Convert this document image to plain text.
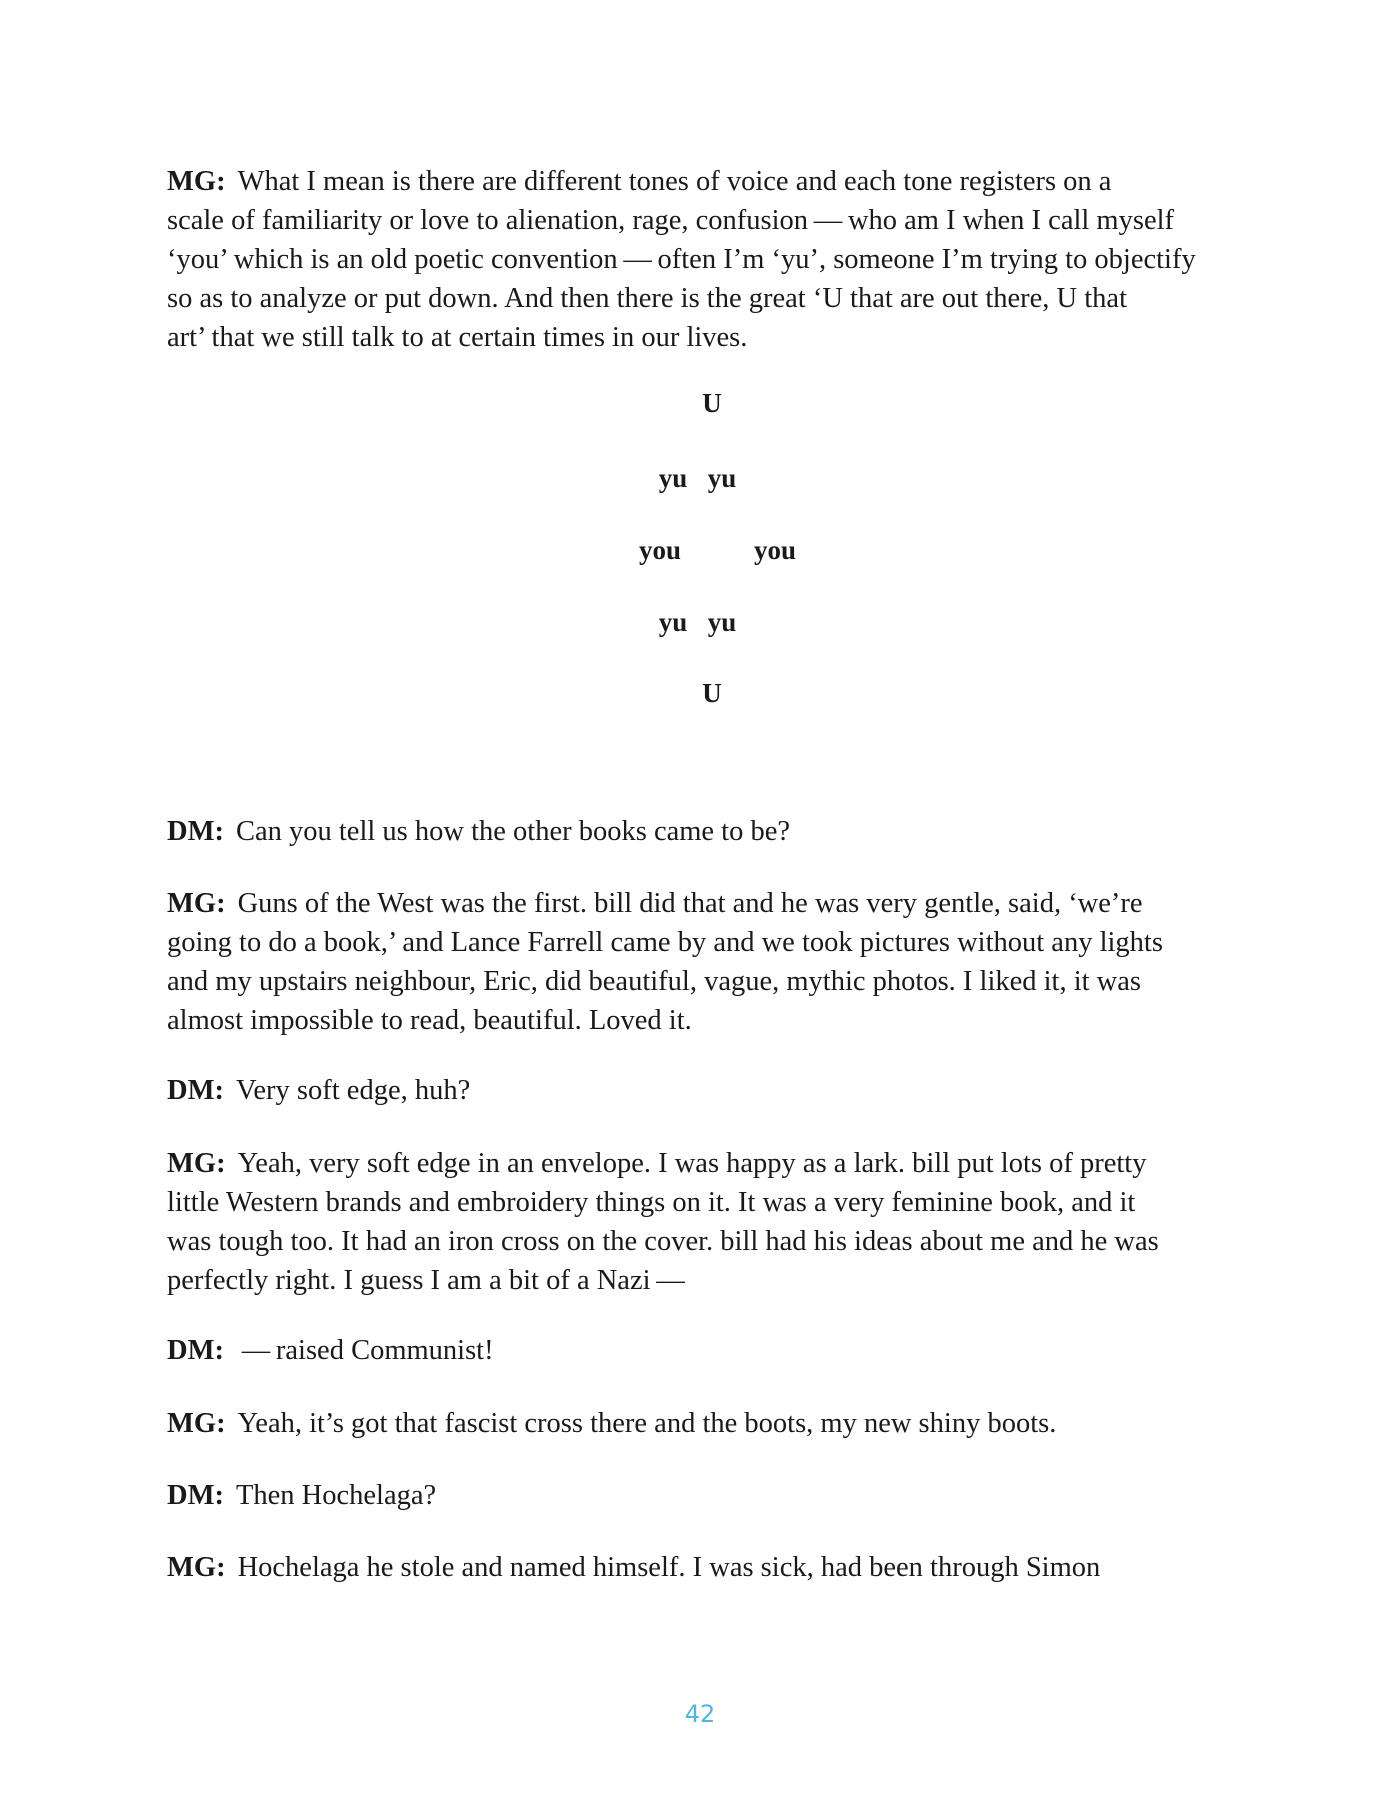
MG: What I mean is there are different tones of voice and each tone registers on a
scale of familiarity or love to alienation, rage, confusion — who am I when I call myself
‘you’ which is an old poetic convention — often I’m ‘yu’, someone I’m trying to objectify
so as to analyze or put down. And then there is the great ‘U that are out there, U that
art’ that we still talk to at certain times in our lives.
U
yu yu
you	you
yu yu
U
DM: Can you tell us how the other books came to be?
MG: Guns of the West was the first. bill did that and he was very gentle, said, ‘we’re
going to do a book,’ and Lance Farrell came by and we took pictures without any lights
and my upstairs neighbour, Eric, did beautiful, vague, mythic photos. I liked it, it was
almost impossible to read, beautiful. Loved it.
DM: Very soft edge, huh?
MG: Yeah, very soft edge in an envelope. I was happy as a lark. bill put lots of pretty
little Western brands and embroidery things on it. It was a very feminine book, and it
was tough too. It had an iron cross on the cover. bill had his ideas about me and he was
perfectly right. I guess I am a bit of a Nazi —
DM: — raised Communist!
MG: Yeah, it’s got that fascist cross there and the boots, my new shiny boots.
DM: Then Hochelaga?
MG: Hochelaga he stole and named himself. I was sick, had been through Simon
42
